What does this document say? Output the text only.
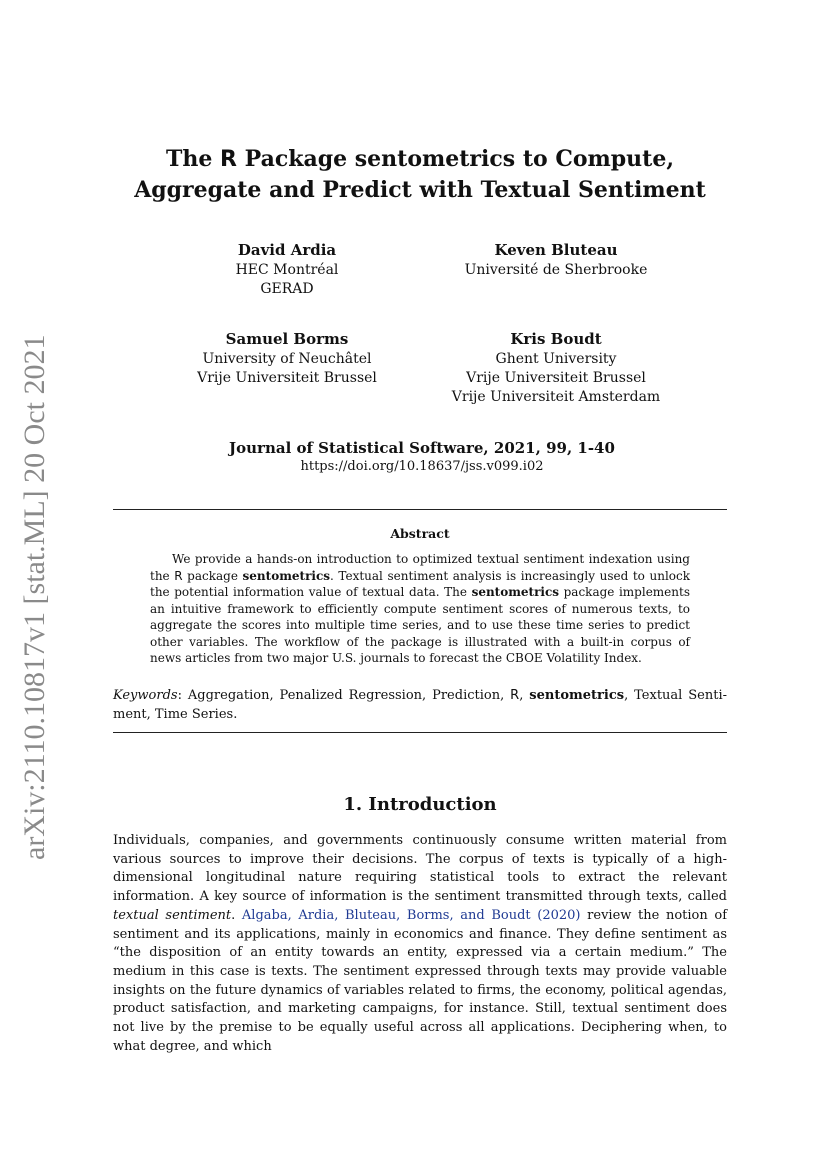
arXiv:2110.10817v1 [stat.ML] 20 Oct 2021
The R Package sentometrics to Compute,
Aggregate and Predict with Textual Sentiment
David Ardia
HEC Montréal
GERAD
Keven Bluteau
Université de Sherbrooke
Samuel Borms
University of Neuchâtel
Vrije Universiteit Brussel
Kris Boudt
Ghent University
Vrije Universiteit Brussel
Vrije Universiteit Amsterdam
Journal of Statistical Software, 2021, 99, 1-40
https://doi.org/10.18637/jss.v099.i02
Abstract
We provide a hands-on introduction to optimized textual sentiment indexation using the R package sentometrics. Textual sentiment analysis is increasingly used to unlock the potential information value of textual data. The sentometrics package implements an intuitive framework to efficiently compute sentiment scores of numerous texts, to aggregate the scores into multiple time series, and to use these time series to predict other variables. The workflow of the package is illustrated with a built-in corpus of news articles from two major U.S. journals to forecast the CBOE Volatility Index.
Keywords: Aggregation, Penalized Regression, Prediction, R, sentometrics, Textual Senti-ment, Time Series.
1. Introduction
Individuals, companies, and governments continuously consume written material from various sources to improve their decisions. The corpus of texts is typically of a high-dimensional longitudinal nature requiring statistical tools to extract the relevant information. A key source of information is the sentiment transmitted through texts, called textual sentiment. Algaba, Ardia, Bluteau, Borms, and Boudt (2020) review the notion of sentiment and its applications, mainly in economics and finance. They define sentiment as “the disposition of an entity towards an entity, expressed via a certain medium.” The medium in this case is texts. The sentiment expressed through texts may provide valuable insights on the future dynamics of variables related to firms, the economy, political agendas, product satisfaction, and marketing campaigns, for instance. Still, textual sentiment does not live by the premise to be equally useful across all applications. Deciphering when, to what degree, and which
